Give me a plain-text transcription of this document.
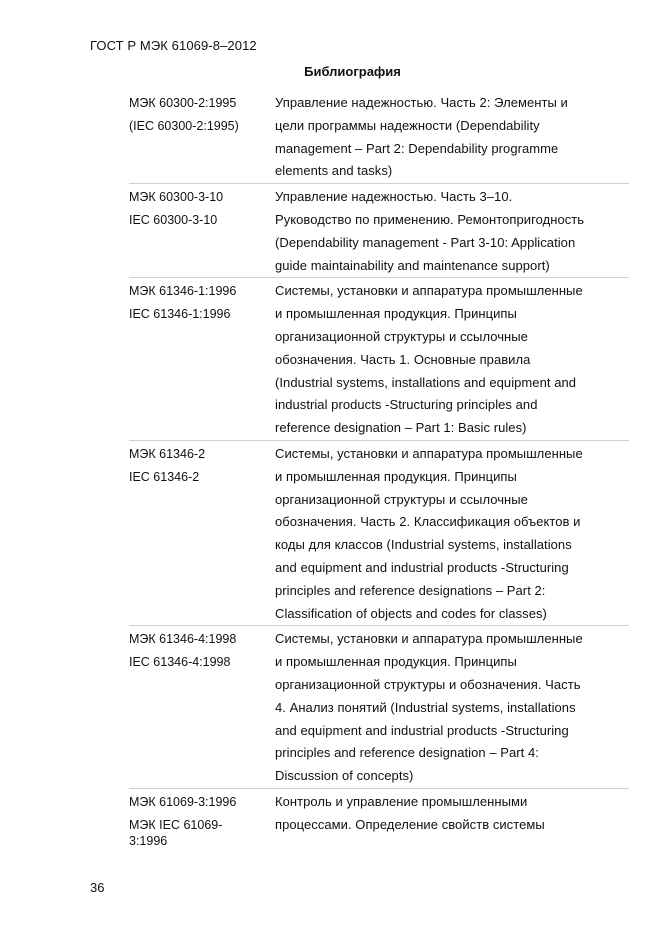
ГОСТ Р МЭК 61069-8–2012
Библиография
МЭК 60300-2:1995
(IEC 60300-2:1995)
Управление надежностью. Часть 2: Элементы и
цели программы надежности (Dependability
management – Part 2: Dependability programme
elements and tasks)
МЭК 60300-3-10
IEC 60300-3-10
Управление надежностью. Часть 3–10.
Руководство по применению. Ремонтопригодность
(Dependability management - Part 3-10: Application
guide maintainability and maintenance support)
МЭК 61346-1:1996
IEC 61346-1:1996
Системы, установки и аппаратура промышленные
и промышленная продукция. Принципы
организационной структуры и ссылочные
обозначения. Часть 1. Основные правила
(Industrial systems, installations and equipment and
industrial products -Structuring principles and
reference designation – Part 1: Basic rules)
МЭК 61346-2
IEC 61346-2
Системы, установки и аппаратура промышленные
и промышленная продукция. Принципы
организационной структуры и ссылочные
обозначения. Часть 2. Классификация объектов и
коды для классов (Industrial systems, installations
and equipment and industrial products -Structuring
principles and reference designations – Part 2:
Classification of objects and codes for classes)
МЭК 61346-4:1998
IEC 61346-4:1998
Системы, установки и аппаратура промышленные
и промышленная продукция. Принципы
организационной структуры и обозначения. Часть
4. Анализ понятий (Industrial systems, installations
and equipment and industrial products -Structuring
principles and reference designation – Part 4:
Discussion of concepts)
МЭК 61069-3:1996
МЭК IEC 61069-3:1996
Контроль и управление промышленными
процессами. Определение свойств системы
36
